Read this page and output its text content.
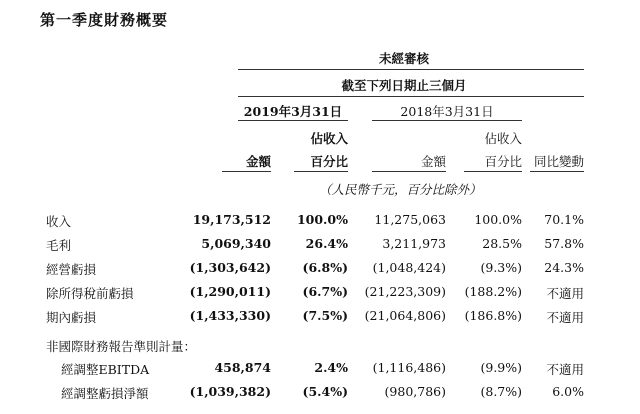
第一季度財務概要
未經審核
截至下列日期止三個月
2019年3月31日	2018年3月31日
佔收入	佔收入
金額	百分比	金額	百分比 同比變動
（人民幣千元，百分比除外）
收入	19,173,512 100.0% 11,275,063 100.0% 70.1%
毛利	5,069,340	26.4%	3,211,973	28.5% 57.8%
經營虧損	(1,303,642)	(6.8%) (1,048,424)	(9.3%) 24.3%
除所得稅前虧損	(1,290,011)	(6.7%) (21,223,309) (188.2%) 不適用
期內虧損	(1,433,330)	(7.5%) (21,064,806) (186.8%) 不適用
非國際財務報告準則計量：
經調整EBITDA	458,874	2.4% (1,116,486)	(9.9%) 不適用
經調整虧損淨額	(1,039,382)	(5.4%)	(980,786)	(8.7%) 6.0%
